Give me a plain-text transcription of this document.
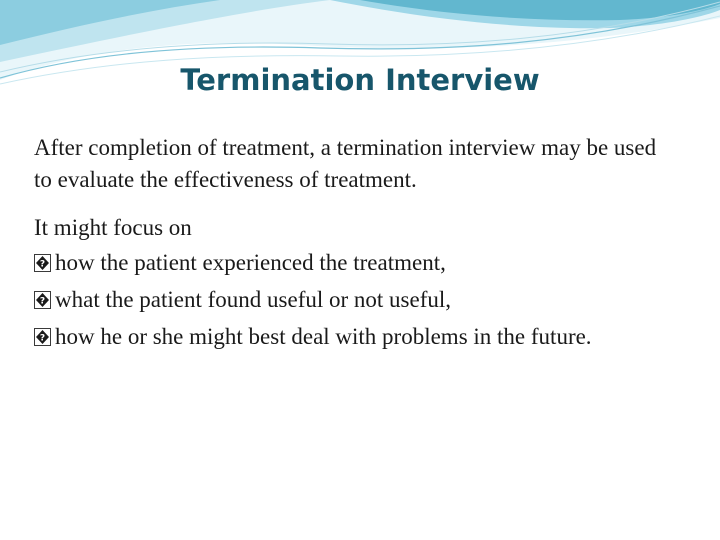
Termination Interview

After completion of treatment, a termination interview may be used to evaluate the effectiveness of treatment.

It might focus on
? how the patient experienced the treatment,
? what the patient found useful or not useful,
? how he or she might best deal with problems in the future.
